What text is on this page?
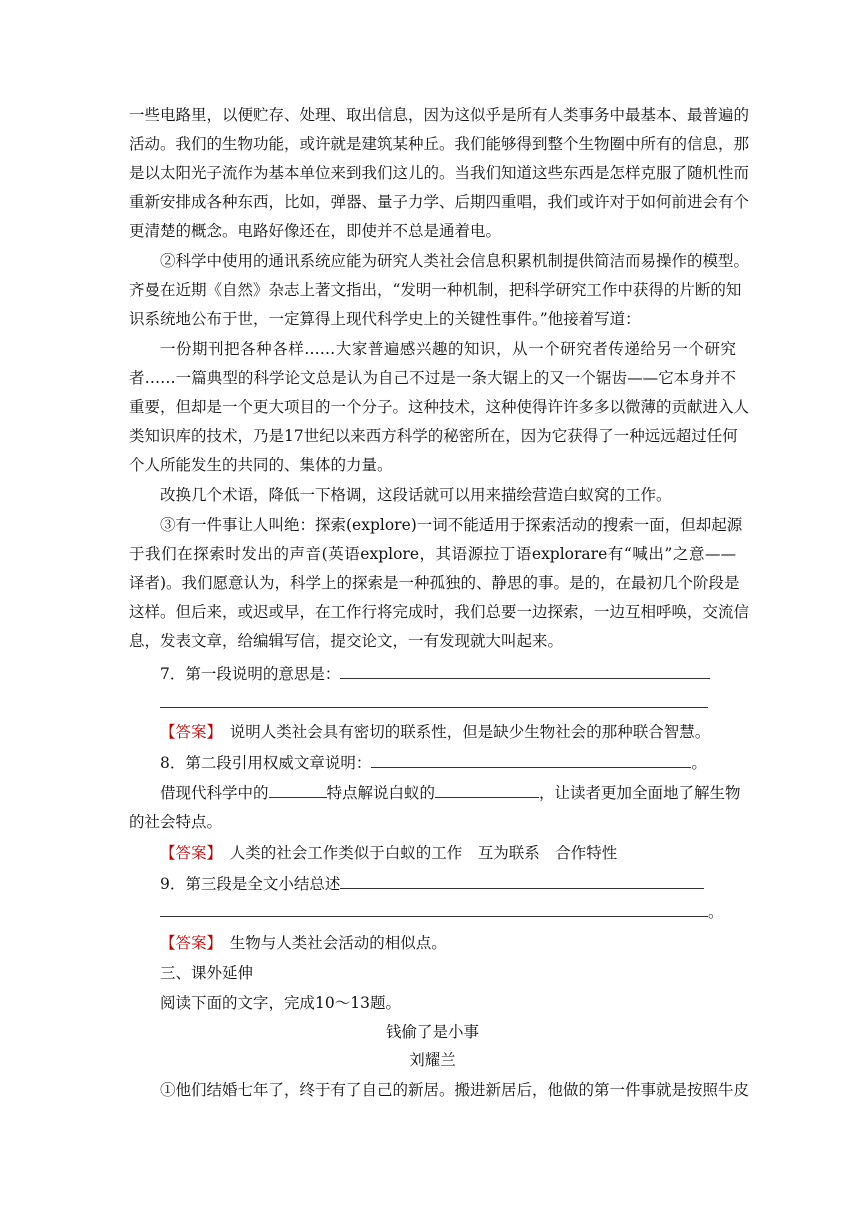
一些电路里，以便贮存、处理、取出信息，因为这似乎是所有人类事务中最基本、最普遍的
活动。我们的生物功能，或许就是建筑某种丘。我们能够得到整个生物圈中所有的信息，那
是以太阳光子流作为基本单位来到我们这儿的。当我们知道这些东西是怎样克服了随机性而
重新安排成各种东西，比如，弹器、量子力学、后期四重唱，我们或许对于如何前进会有个
更清楚的概念。电路好像还在，即使并不总是通着电。
②科学中使用的通讯系统应能为研究人类社会信息积累机制提供简洁而易操作的模型。
齐曼在近期《自然》杂志上著文指出，“发明一种机制，把科学研究工作中获得的片断的知
识系统地公布于世，一定算得上现代科学史上的关键性事件。”他接着写道：
一份期刊把各种各样……大家普遍感兴趣的知识，从一个研究者传递给另一个研究
者……一篇典型的科学论文总是认为自己不过是一条大锯上的又一个锯齿——它本身并不
重要，但却是一个更大项目的一个分子。这种技术，这种使得许许多多以微薄的贡献进入人
类知识库的技术，乃是17世纪以来西方科学的秘密所在，因为它获得了一种远远超过任何
个人所能发生的共同的、集体的力量。
改换几个术语，降低一下格调，这段话就可以用来描绘营造白蚁窝的工作。
③有一件事让人叫绝：探索(explore)一词不能适用于探索活动的搜索一面，但却起源
于我们在探索时发出的声音(英语explore，其语源拉丁语explorare有“喊出”之意——
译者)。我们愿意认为，科学上的探索是一种孤独的、静思的事。是的，在最初几个阶段是
这样。但后来，或迟或早，在工作行将完成时，我们总要一边探索，一边互相呼唤，交流信
息，发表文章，给编辑写信，提交论文，一有发现就大叫起来。
7．第一段说明的意思是：
【答案】　 说明人类社会具有密切的联系性，但是缺少生物社会的那种联合智慧。
8．第二段引用权威文章说明：	。
借现代科学中的	特点解说白蚁的	，让读者更加全面地了解生物
的社会特点。
【答案】　 人类的社会工作类似于白蚁的工作　互为联系　合作特性
9．第三段是全文小结总述
。
【答案】　 生物与人类社会活动的相似点。
三、课外延伸
阅读下面的文字，完成10～13题。
钱偷了是小事
刘耀兰
①他们结婚七年了，终于有了自己的新居。搬进新居后，他做的第一件事就是按照牛皮
